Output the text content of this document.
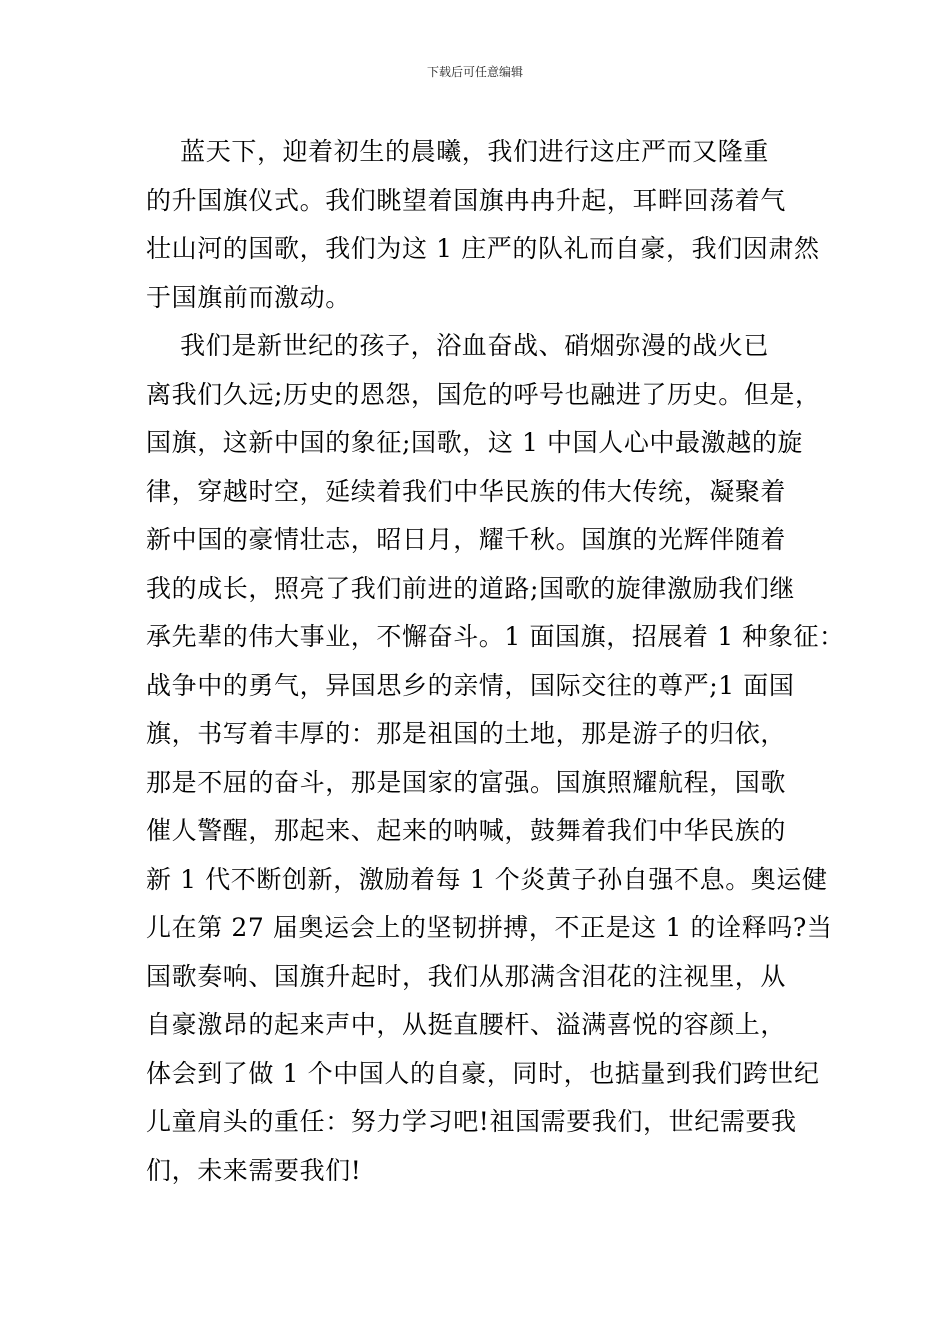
下载后可任意编辑
蓝天下，迎着初生的晨曦，我们进行这庄严而又隆重
的升国旗仪式。我们眺望着国旗冉冉升起，耳畔回荡着气
壮山河的国歌，我们为这 1 庄严的队礼而自豪，我们因肃然
于国旗前而激动。
我们是新世纪的孩子，浴血奋战、硝烟弥漫的战火已
离我们久远;历史的恩怨，国危的呼号也融进了历史。但是，
国旗，这新中国的象征;国歌，这 1 中国人心中最激越的旋
律，穿越时空，延续着我们中华民族的伟大传统，凝聚着
新中国的豪情壮志，昭日月，耀千秋。国旗的光辉伴随着
我的成长，照亮了我们前进的道路;国歌的旋律激励我们继
承先辈的伟大事业，不懈奋斗。1 面国旗，招展着 1 种象征：
战争中的勇气，异国思乡的亲情，国际交往的尊严;1 面国
旗，书写着丰厚的：那是祖国的土地，那是游子的归依，
那是不屈的奋斗，那是国家的富强。国旗照耀航程，国歌
催人警醒，那起来、起来的呐喊，鼓舞着我们中华民族的
新 1 代不断创新，激励着每 1 个炎黄子孙自强不息。奥运健
儿在第 27 届奥运会上的坚韧拼搏，不正是这 1 的诠释吗?当
国歌奏响、国旗升起时，我们从那满含泪花的注视里，从
自豪激昂的起来声中，从挺直腰杆、溢满喜悦的容颜上，
体会到了做 1 个中国人的自豪，同时，也掂量到我们跨世纪
儿童肩头的重任：努力学习吧!祖国需要我们，世纪需要我
们，未来需要我们!
